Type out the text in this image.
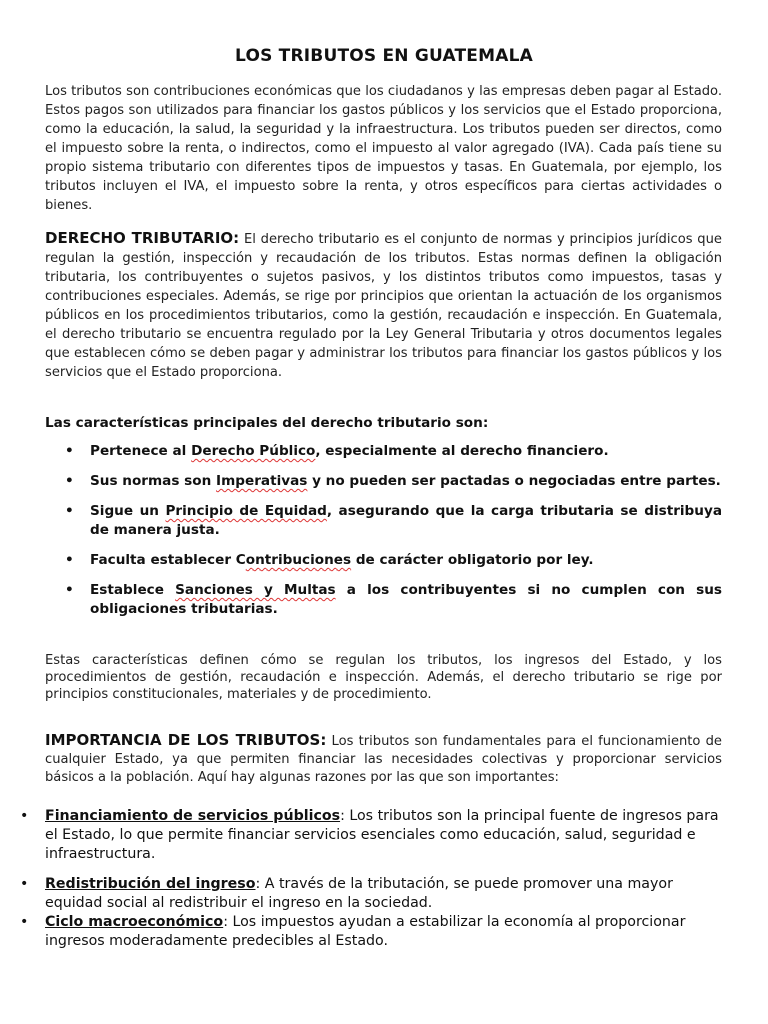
LOS TRIBUTOS EN GUATEMALA

Los tributos son contribuciones económicas que los ciudadanos y las empresas deben pagar al Estado. Estos pagos son utilizados para financiar los gastos públicos y los servicios que el Estado proporciona, como la educación, la salud, la seguridad y la infraestructura. Los tributos pueden ser directos, como el impuesto sobre la renta, o indirectos, como el impuesto al valor agregado (IVA). Cada país tiene su propio sistema tributario con diferentes tipos de impuestos y tasas. En Guatemala, por ejemplo, los tributos incluyen el IVA, el impuesto sobre la renta, y otros específicos para ciertas actividades o bienes.

DERECHO TRIBUTARIO: El derecho tributario es el conjunto de normas y principios jurídicos que regulan la gestión, inspección y recaudación de los tributos. Estas normas definen la obligación tributaria, los contribuyentes o sujetos pasivos, y los distintos tributos como impuestos, tasas y contribuciones especiales. Además, se rige por principios que orientan la actuación de los organismos públicos en los procedimientos tributarios, como la gestión, recaudación e inspección. En Guatemala, el derecho tributario se encuentra regulado por la Ley General Tributaria y otros documentos legales que establecen cómo se deben pagar y administrar los tributos para financiar los gastos públicos y los servicios que el Estado proporciona.

Las características principales del derecho tributario son:

• Pertenece al Derecho Público, especialmente al derecho financiero.
• Sus normas son Imperativas y no pueden ser pactadas o negociadas entre partes.
• Sigue un Principio de Equidad, asegurando que la carga tributaria se distribuya de manera justa.
• Faculta establecer Contribuciones de carácter obligatorio por ley.
• Establece Sanciones y Multas a los contribuyentes si no cumplen con sus obligaciones tributarias.

Estas características definen cómo se regulan los tributos, los ingresos del Estado, y los procedimientos de gestión, recaudación e inspección. Además, el derecho tributario se rige por principios constitucionales, materiales y de procedimiento.

IMPORTANCIA DE LOS TRIBUTOS: Los tributos son fundamentales para el funcionamiento de cualquier Estado, ya que permiten financiar las necesidades colectivas y proporcionar servicios básicos a la población. Aquí hay algunas razones por las que son importantes:

• Financiamiento de servicios públicos: Los tributos son la principal fuente de ingresos para el Estado, lo que permite financiar servicios esenciales como educación, salud, seguridad e infraestructura.
• Redistribución del ingreso: A través de la tributación, se puede promover una mayor equidad social al redistribuir el ingreso en la sociedad.
• Ciclo macroeconómico: Los impuestos ayudan a estabilizar la economía al proporcionar ingresos moderadamente predecibles al Estado.
